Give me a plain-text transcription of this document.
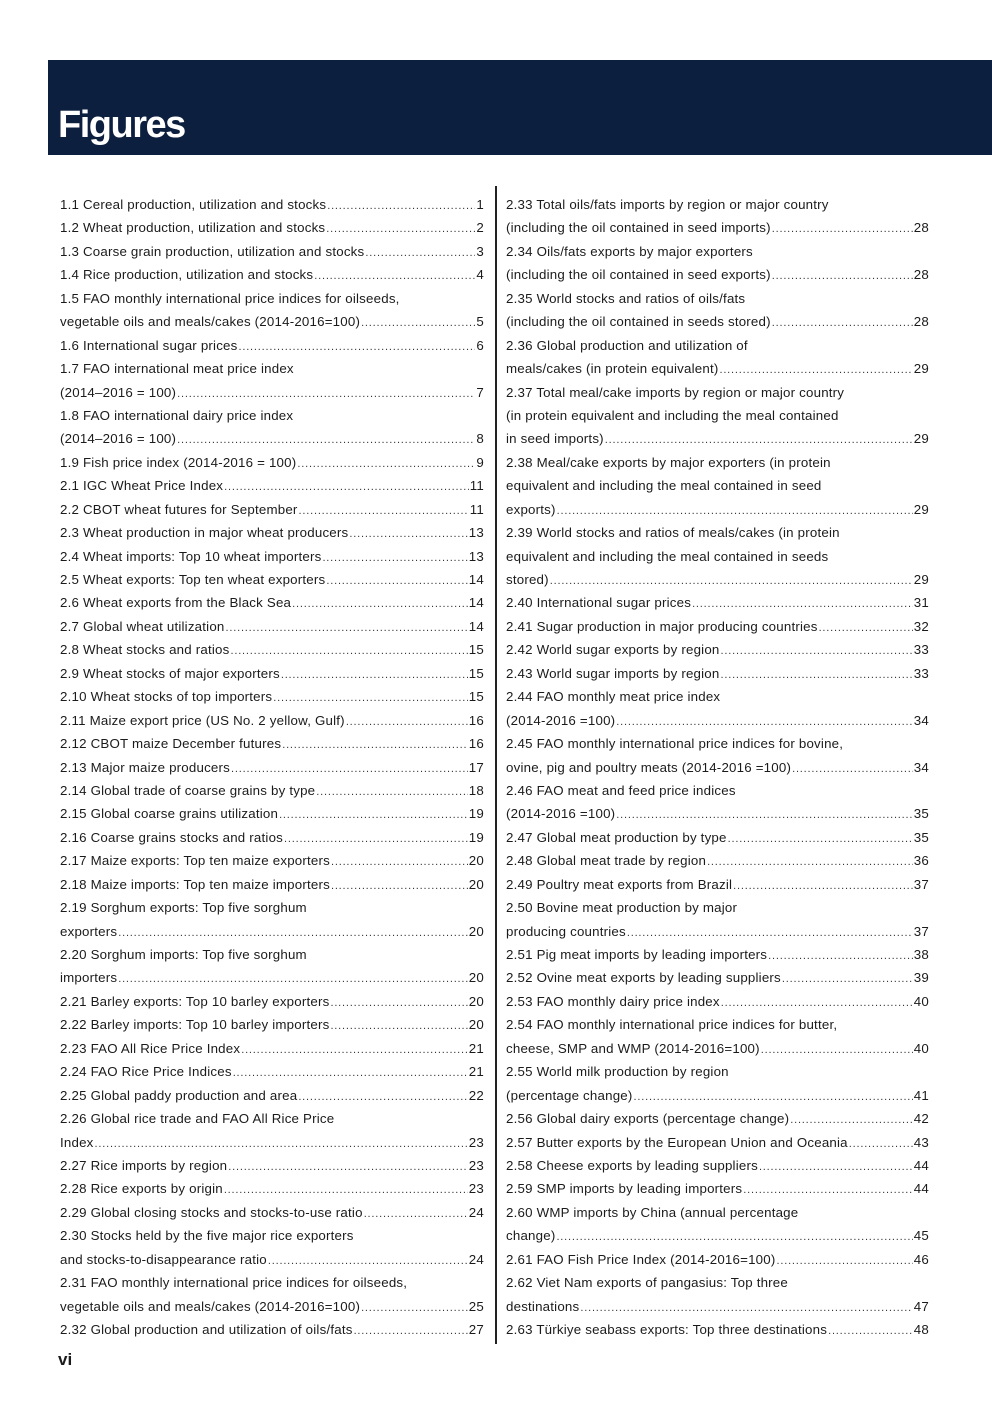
Figures
1.1 Cereal production, utilization and stocks .....	1
1.2 Wheat production, utilization and stocks .....	2
1.3 Coarse grain production, utilization and stocks .....	3
1.4 Rice production, utilization and stocks .....	4
1.5 FAO monthly international price indices for oilseeds,
vegetable oils and meals/cakes (2014-2016=100) .....	5
1.6 International sugar prices .....	6
1.7 FAO international meat price index
(2014–2016 = 100) .....	7
1.8 FAO international dairy price index
(2014–2016 = 100) .....	8
1.9 Fish price index (2014-2016 = 100) .....	9
2.1 IGC Wheat Price Index .....	11
2.2 CBOT wheat futures for September .....	11
2.3 Wheat production in major wheat producers .....	13
2.4 Wheat imports: Top 10 wheat importers .....	13
2.5 Wheat exports: Top ten wheat exporters .....	14
2.6 Wheat exports from the Black Sea .....	14
2.7 Global wheat utilization .....	14
2.8 Wheat stocks and ratios .....	15
2.9 Wheat stocks of major exporters .....	15
2.10 Wheat stocks of top importers .....	15
2.11 Maize export price (US No. 2 yellow, Gulf) .....	16
2.12 CBOT maize December futures .....	16
2.13 Major maize producers .....	17
2.14 Global trade of coarse grains by type .....	18
2.15 Global coarse grains utilization .....	19
2.16 Coarse grains stocks and ratios .....	19
2.17 Maize exports: Top ten maize exporters .....	20
2.18 Maize imports: Top ten maize importers .....	20
2.19 Sorghum exports: Top five sorghum
exporters .....	20
2.20 Sorghum imports: Top five sorghum
importers .....	20
2.21 Barley exports: Top 10 barley exporters .....	20
2.22 Barley imports: Top 10 barley importers .....	20
2.23 FAO All Rice Price Index .....	21
2.24 FAO Rice Price Indices .....	21
2.25 Global paddy production and area .....	22
2.26 Global rice trade and FAO All Rice Price
Index .....	23
2.27 Rice imports by region .....	23
2.28 Rice exports by origin .....	23
2.29 Global closing stocks and stocks-to-use ratio .....	24
2.30 Stocks held by the five major rice exporters
and stocks-to-disappearance ratio .....	24
2.31 FAO monthly international price indices for oilseeds,
vegetable oils and meals/cakes (2014-2016=100) .....	25
2.32 Global production and utilization of oils/fats .....	27
2.33 Total oils/fats imports by region or major country
(including the oil contained in seed imports) .....	28
2.34 Oils/fats exports by major exporters
(including the oil contained in seed exports) .....	28
2.35 World stocks and ratios of oils/fats
(including the oil contained in seeds stored) .....	28
2.36 Global production and utilization of
meals/cakes (in protein equivalent) .....	29
2.37 Total meal/cake imports by region or major country
(in protein equivalent and including the meal contained
in seed imports) .....	29
2.38 Meal/cake exports by major exporters (in protein
equivalent and including the meal contained in seed
exports) .....	29
2.39 World stocks and ratios of meals/cakes (in protein
equivalent and including the meal contained in seeds
stored) .....	29
2.40 International sugar prices .....	31
2.41 Sugar production in major producing countries .....	32
2.42 World sugar exports by region .....	33
2.43 World sugar imports by region .....	33
2.44 FAO monthly meat price index
(2014-2016 =100) .....	34
2.45 FAO monthly international price indices for bovine,
ovine, pig and poultry meats (2014-2016 =100) .....	34
2.46 FAO meat and feed price indices
(2014-2016 =100) .....	35
2.47 Global meat production by type .....	35
2.48 Global meat trade by region .....	36
2.49 Poultry meat exports from Brazil .....	37
2.50 Bovine meat production by major
producing countries .....	37
2.51 Pig meat imports by leading importers .....	38
2.52 Ovine meat exports by leading suppliers .....	39
2.53 FAO monthly dairy price index .....	40
2.54 FAO monthly international price indices for butter,
cheese, SMP and WMP (2014-2016=100) .....	40
2.55 World milk production by region
(percentage change) .....	41
2.56 Global dairy exports (percentage change) .....	42
2.57 Butter exports by the European Union and Oceania .....	43
2.58 Cheese exports by leading suppliers .....	44
2.59 SMP imports by leading importers .....	44
2.60 WMP imports by China (annual percentage
change) .....	45
2.61 FAO Fish Price Index (2014-2016=100) .....	46
2.62 Viet Nam exports of pangasius: Top three
destinations .....	47
2.63 Türkiye seabass exports: Top three destinations .....	48
vi
